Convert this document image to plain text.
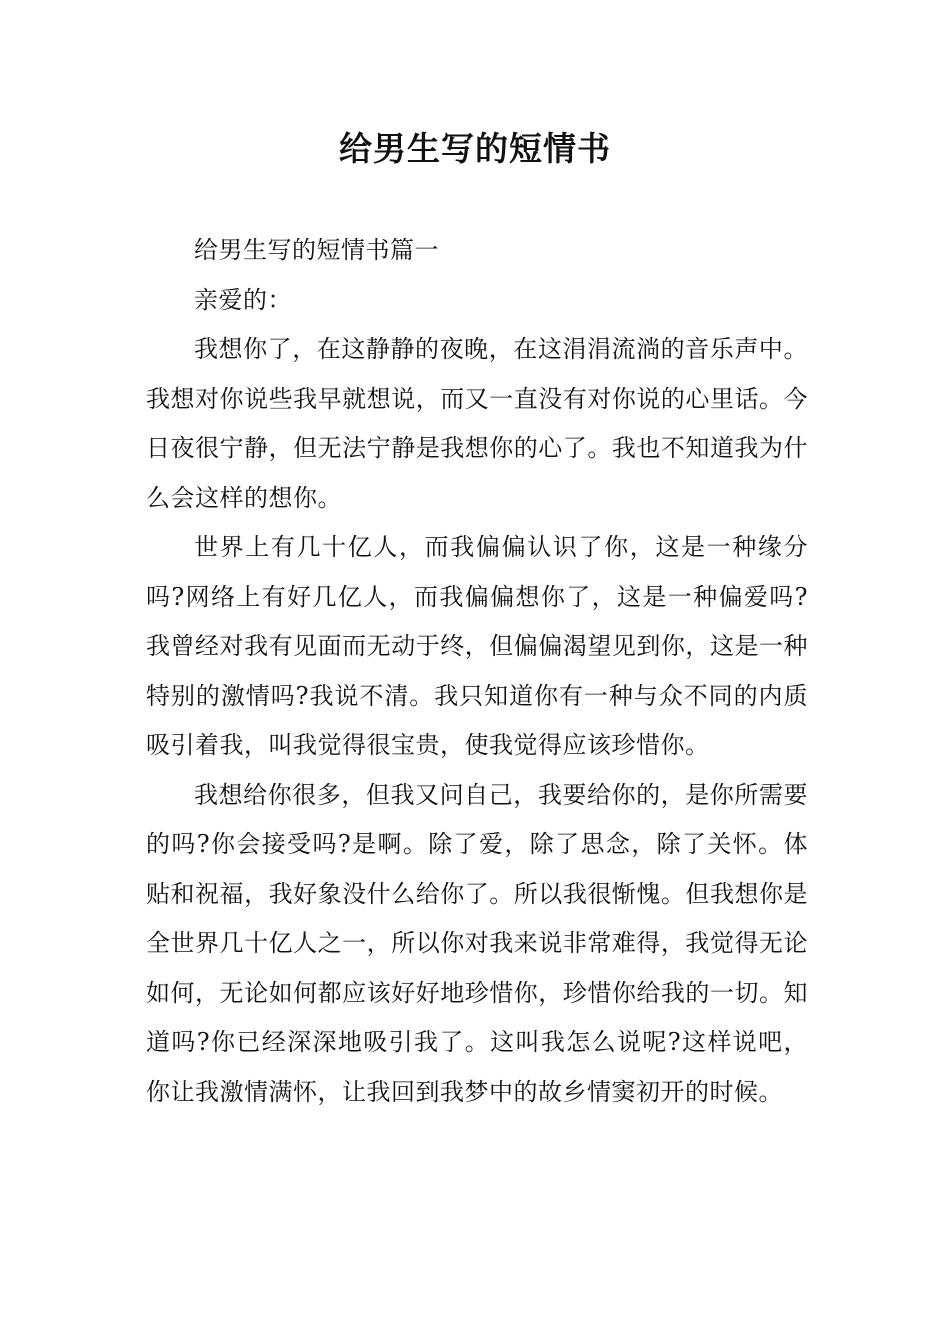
给男生写的短情书

给男生写的短情书篇一

亲爱的：

我想你了，在这静静的夜晚，在这涓涓流淌的音乐声中。我想对你说些我早就想说，而又一直没有对你说的心里话。今日夜很宁静，但无法宁静是我想你的心了。我也不知道我为什么会这样的想你。

世界上有几十亿人，而我偏偏认识了你，这是一种缘分吗?网络上有好几亿人，而我偏偏想你了，这是一种偏爱吗?我曾经对我有见面而无动于终，但偏偏渴望见到你，这是一种特别的激情吗?我说不清。我只知道你有一种与众不同的内质吸引着我，叫我觉得很宝贵，使我觉得应该珍惜你。

我想给你很多，但我又问自己，我要给你的，是你所需要的吗?你会接受吗?是啊。除了爱，除了思念，除了关怀。体贴和祝福，我好象没什么给你了。所以我很惭愧。但我想你是全世界几十亿人之一，所以你对我来说非常难得，我觉得无论如何，无论如何都应该好好地珍惜你，珍惜你给我的一切。知道吗?你已经深深地吸引我了。这叫我怎么说呢?这样说吧，你让我激情满怀，让我回到我梦中的故乡情窦初开的时候。
